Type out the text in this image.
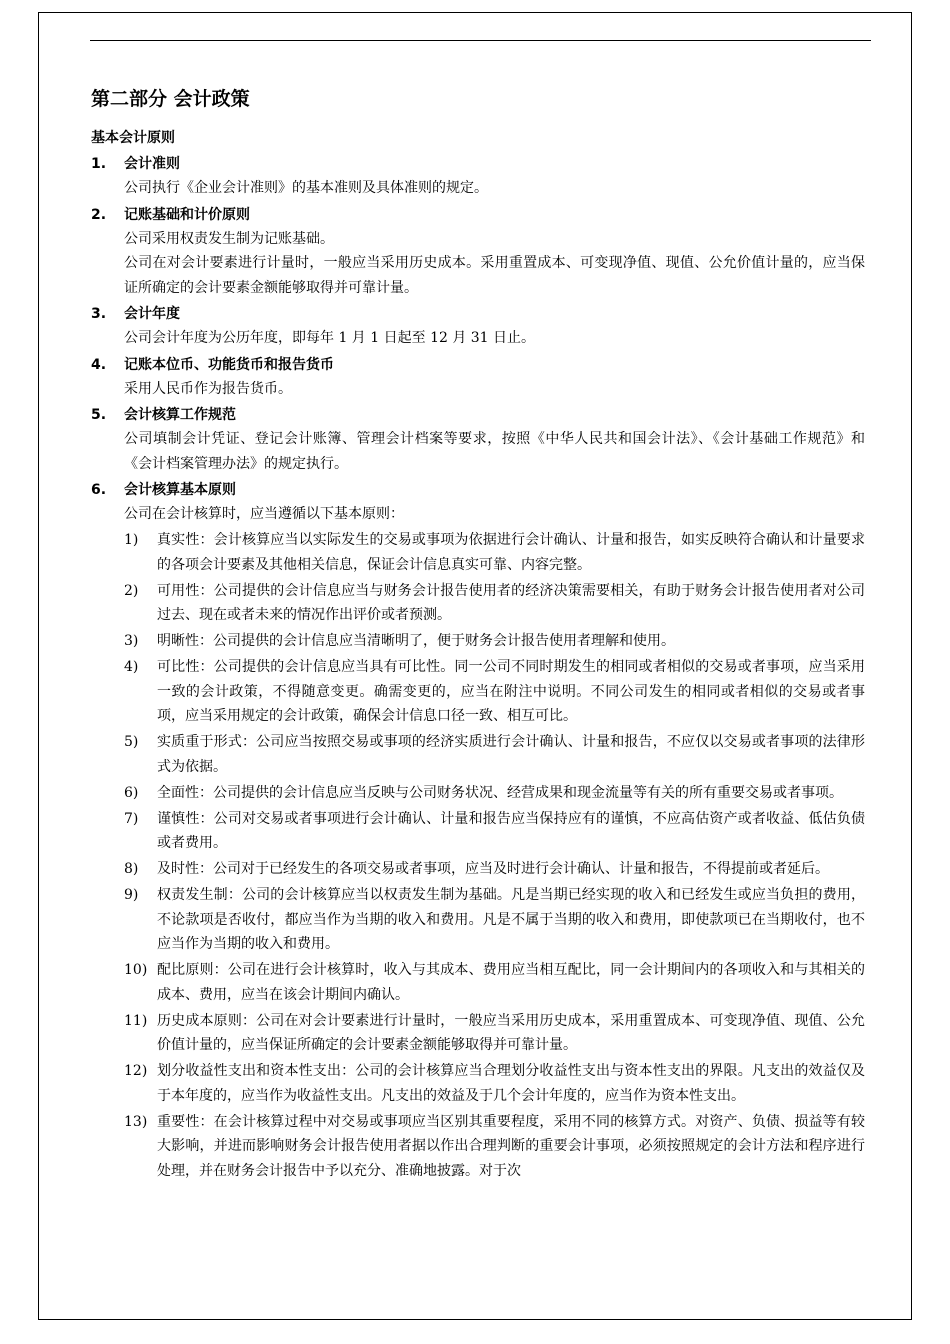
第二部分 会计政策
基本会计原则
1.	会计准则
公司执行《企业会计准则》的基本准则及具体准则的规定。
2.	记账基础和计价原则
公司采用权责发生制为记账基础。
公司在对会计要素进行计量时，一般应当采用历史成本。采用重置成本、可变现净值、现值、公允价值计量的，应当保证所确定的会计要素金额能够取得并可靠计量。
3.	会计年度
公司会计年度为公历年度，即每年 1 月 1 日起至 12 月 31 日止。
4.	记账本位币、功能货币和报告货币
采用人民币作为报告货币。
5.	会计核算工作规范
公司填制会计凭证、登记会计账簿、管理会计档案等要求，按照《中华人民共和国会计法》、《会计基础工作规范》和《会计档案管理办法》的规定执行。
6.	会计核算基本原则
公司在会计核算时，应当遵循以下基本原则：
1)	真实性：会计核算应当以实际发生的交易或事项为依据进行会计确认、计量和报告，如实反映符合确认和计量要求的各项会计要素及其他相关信息，保证会计信息真实可靠、内容完整。
2)	可用性：公司提供的会计信息应当与财务会计报告使用者的经济决策需要相关，有助于财务会计报告使用者对公司过去、现在或者未来的情况作出评价或者预测。
3)	明晰性：公司提供的会计信息应当清晰明了，便于财务会计报告使用者理解和使用。
4)	可比性：公司提供的会计信息应当具有可比性。同一公司不同时期发生的相同或者相似的交易或者事项，应当采用一致的会计政策，不得随意变更。确需变更的，应当在附注中说明。不同公司发生的相同或者相似的交易或者事项，应当采用规定的会计政策，确保会计信息口径一致、相互可比。
5)	实质重于形式：公司应当按照交易或事项的经济实质进行会计确认、计量和报告，不应仅以交易或者事项的法律形式为依据。
6)	全面性：公司提供的会计信息应当反映与公司财务状况、经营成果和现金流量等有关的所有重要交易或者事项。
7)	谨慎性：公司对交易或者事项进行会计确认、计量和报告应当保持应有的谨慎，不应高估资产或者收益、低估负债或者费用。
8)	及时性：公司对于已经发生的各项交易或者事项，应当及时进行会计确认、计量和报告，不得提前或者延后。
9)	权责发生制：公司的会计核算应当以权责发生制为基础。凡是当期已经实现的收入和已经发生或应当负担的费用，不论款项是否收付，都应当作为当期的收入和费用。凡是不属于当期的收入和费用，即使款项已在当期收付，也不应当作为当期的收入和费用。
10) 配比原则：公司在进行会计核算时，收入与其成本、费用应当相互配比，同一会计期间内的各项收入和与其相关的成本、费用，应当在该会计期间内确认。
11) 历史成本原则：公司在对会计要素进行计量时，一般应当采用历史成本，采用重置成本、可变现净值、现值、公允价值计量的，应当保证所确定的会计要素金额能够取得并可靠计量。
12) 划分收益性支出和资本性支出：公司的会计核算应当合理划分收益性支出与资本性支出的界限。凡支出的效益仅及于本年度的，应当作为收益性支出。凡支出的效益及于几个会计年度的，应当作为资本性支出。
13) 重要性：在会计核算过程中对交易或事项应当区别其重要程度，采用不同的核算方式。对资产、负债、损益等有较大影响，并进而影响财务会计报告使用者据以作出合理判断的重要会计事项，必须按照规定的会计方法和程序进行处理，并在财务会计报告中予以充分、准确地披露。对于次
